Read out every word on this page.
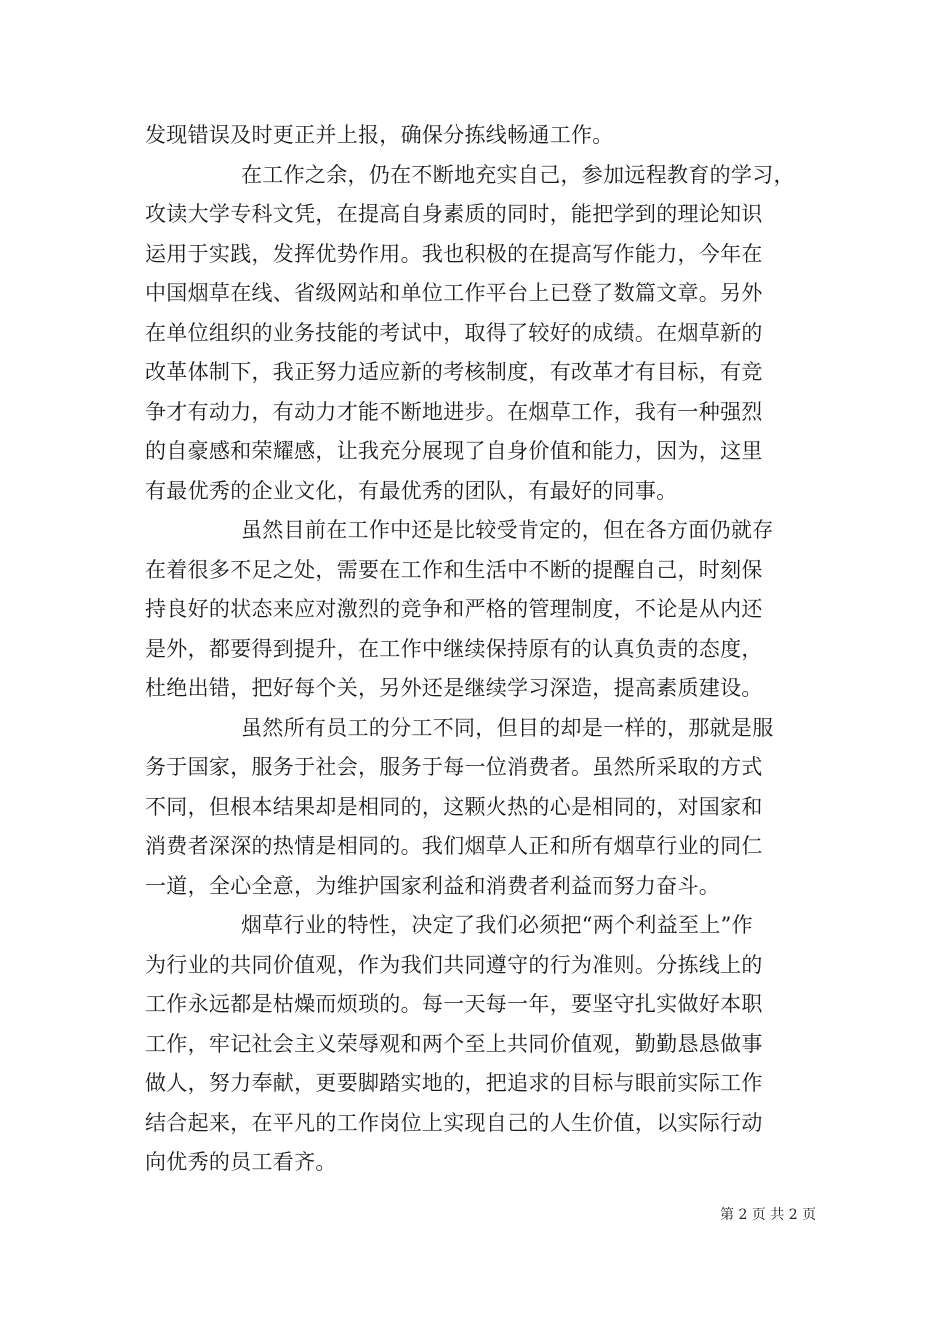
发现错误及时更正并上报，确保分拣线畅通工作。
在工作之余，仍在不断地充实自己，参加远程教育的学习，
攻读大学专科文凭，在提高自身素质的同时，能把学到的理论知识
运用于实践，发挥优势作用。我也积极的在提高写作能力，今年在
中国烟草在线、省级网站和单位工作平台上已登了数篇文章。另外
在单位组织的业务技能的考试中，取得了较好的成绩。在烟草新的
改革体制下，我正努力适应新的考核制度，有改革才有目标，有竞
争才有动力，有动力才能不断地进步。在烟草工作，我有一种强烈
的自豪感和荣耀感，让我充分展现了自身价值和能力，因为，这里
有最优秀的企业文化，有最优秀的团队，有最好的同事。
虽然目前在工作中还是比较受肯定的，但在各方面仍就存
在着很多不足之处，需要在工作和生活中不断的提醒自己，时刻保
持良好的状态来应对激烈的竞争和严格的管理制度，不论是从内还
是外，都要得到提升，在工作中继续保持原有的认真负责的态度，
杜绝出错，把好每个关，另外还是继续学习深造，提高素质建设。
虽然所有员工的分工不同，但目的却是一样的，那就是服
务于国家，服务于社会，服务于每一位消费者。虽然所采取的方式
不同，但根本结果却是相同的，这颗火热的心是相同的，对国家和
消费者深深的热情是相同的。我们烟草人正和所有烟草行业的同仁
一道，全心全意，为维护国家利益和消费者利益而努力奋斗。
烟草行业的特性，决定了我们必须把“两个利益至上”作
为行业的共同价值观，作为我们共同遵守的行为准则。分拣线上的
工作永远都是枯燥而烦琐的。每一天每一年，要坚守扎实做好本职
工作，牢记社会主义荣辱观和两个至上共同价值观，勤勤恳恳做事
做人，努力奉献，更要脚踏实地的，把追求的目标与眼前实际工作
结合起来，在平凡的工作岗位上实现自己的人生价值，以实际行动
向优秀的员工看齐。
第 2 页 共 2 页
